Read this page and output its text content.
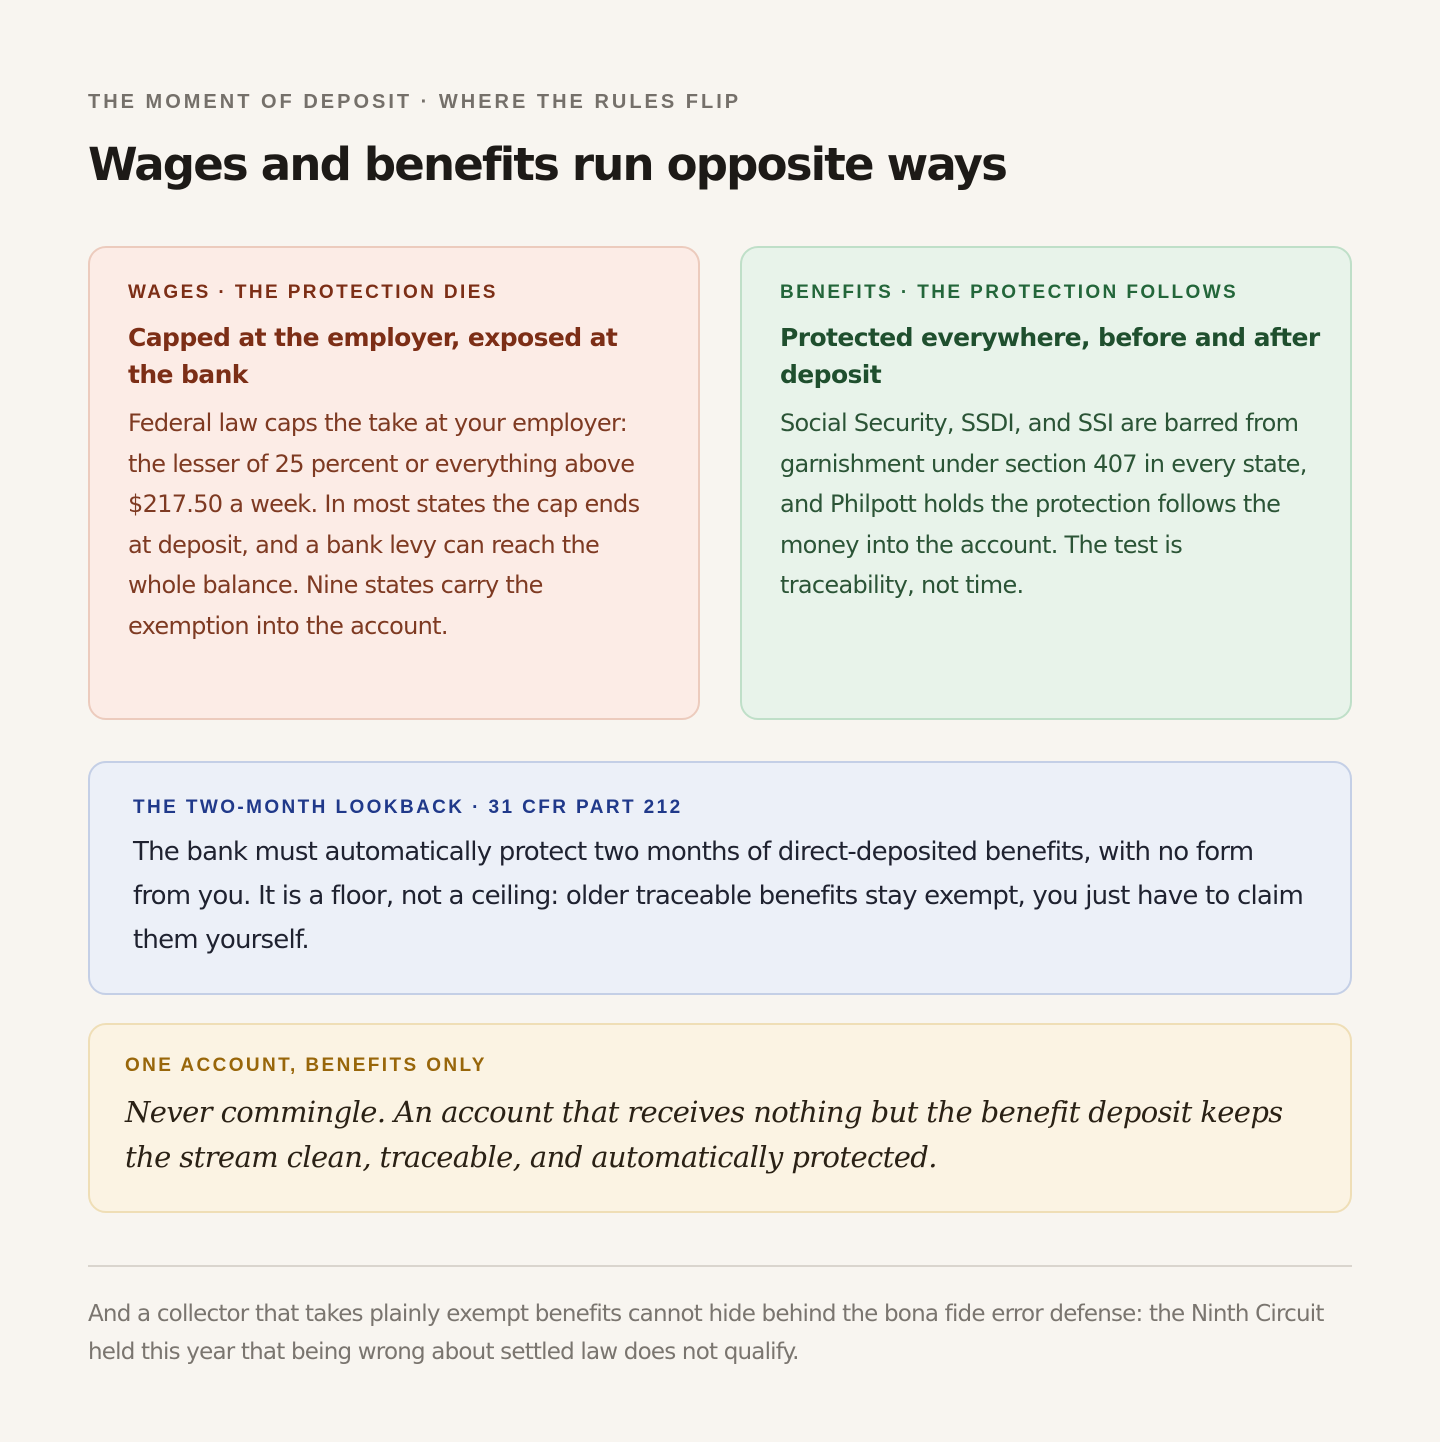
THE MOMENT OF DEPOSIT · WHERE THE RULES FLIP
Wages and benefits run opposite ways
WAGES · THE PROTECTION DIES
Capped at the employer, exposed at the bank

Federal law caps the take at your employer: the lesser of 25 percent or everything above $217.50 a week. In most states the cap ends at deposit, and a bank levy can reach the whole balance. Nine states carry the exemption into the account.

BENEFITS · THE PROTECTION FOLLOWS
Protected everywhere, before and after deposit

Social Security, SSDI, and SSI are barred from garnishment under section 407 in every state, and Philpott holds the protection follows the money into the account. The test is traceability, not time.

THE TWO-MONTH LOOKBACK · 31 CFR PART 212

The bank must automatically protect two months of direct-deposited benefits, with no form from you. It is a floor, not a ceiling: older traceable benefits stay exempt, you just have to claim them yourself.

ONE ACCOUNT, BENEFITS ONLY

Never commingle. An account that receives nothing but the benefit deposit keeps the stream clean, traceable, and automatically protected.

And a collector that takes plainly exempt benefits cannot hide behind the bona fide error defense: the Ninth Circuit held this year that being wrong about settled law does not qualify.
